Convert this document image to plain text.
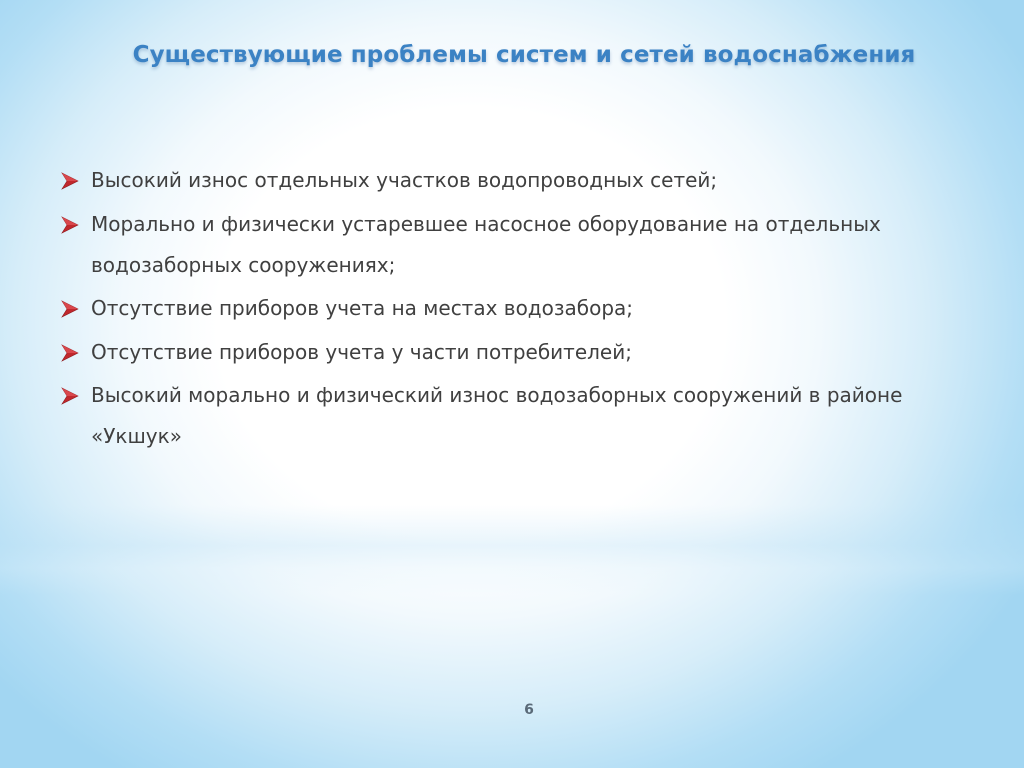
Существующие проблемы систем и сетей водоснабжения
Высокий износ отдельных участков водопроводных сетей;
Морально и физически устаревшее насосное оборудование на отдельных водозаборных сооружениях;
Отсутствие приборов учета на местах водозабора;
Отсутствие приборов учета у части потребителей;
Высокий морально и физический износ водозаборных сооружений в районе «Укшук»
6
